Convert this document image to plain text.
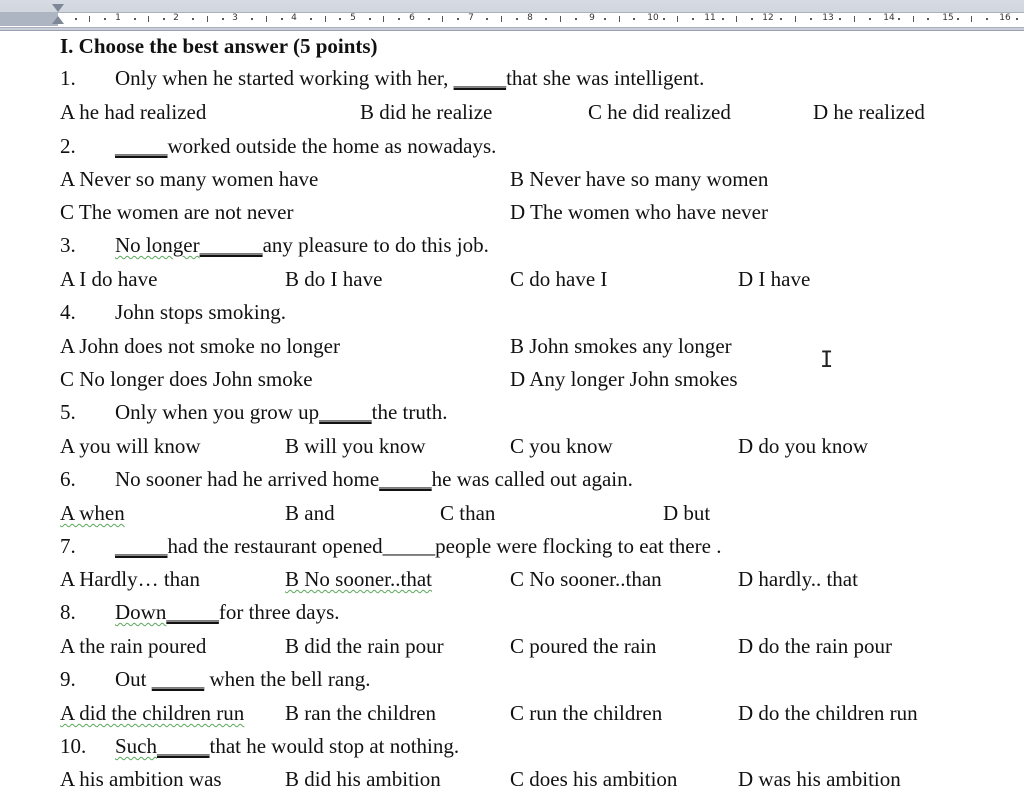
1	2	3	4	5	6	7	8	9	10	11	12	13	14	15	16
I. Choose the best answer (5 points)
1. Only when he started working with her, _____that she was intelligent.
A he had realized	B did he realize	C he did realized	D he realized
2. _____worked outside the home as nowadays.
A Never so many women have	B Never have so many women
C The women are not never	D The women who have never
3. No longer______any pleasure to do this job.
A I do have	B do I have	C do have I	D I have
4. John stops smoking.
A John does not smoke no longer	B John smokes any longer
C No longer does John smoke	D Any longer John smokes
5. Only when you grow up_____the truth.
A you will know	B will you know	C you know	D do you know
6. No sooner had he arrived home_____he was called out again.
A when	B and	C than	D but
7. _____had the restaurant opened_____people were flocking to eat there .
A Hardly… than	B No sooner..that	C No sooner..than	D hardly.. that
8. Down_____for three days.
A the rain poured	B did the rain pour	C poured the rain	D do the rain pour
9. Out _____ when the bell rang.
A did the children run B ran the children	C run the children	D do the children run
10. Such_____that he would stop at nothing.
A his ambition was	B did his ambition	C does his ambition	D was his ambition
I
